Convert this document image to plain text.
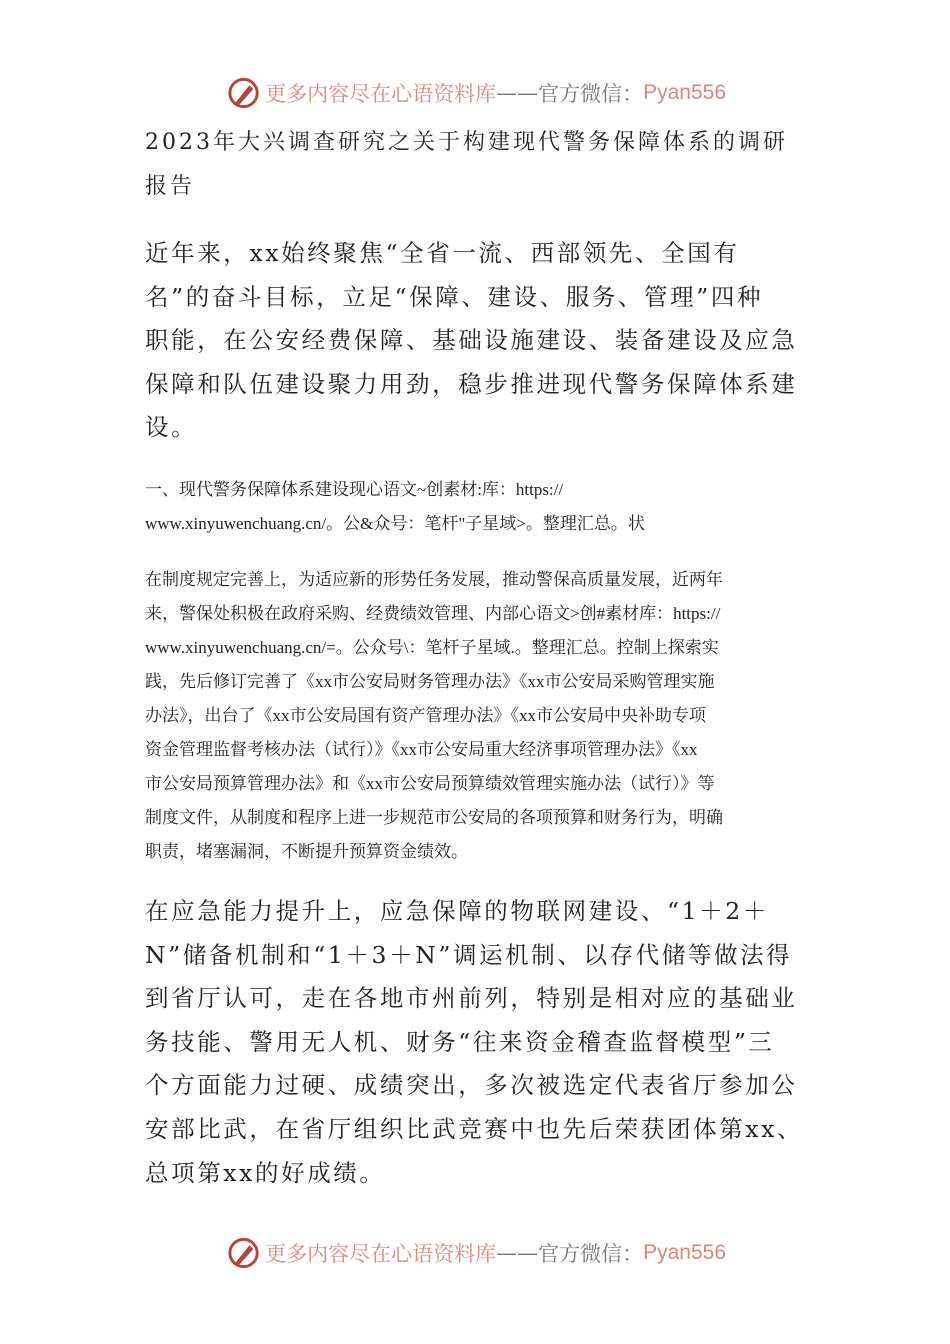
更多内容尽在心语资料库 —— 官方微信： Pyan556
2023年大兴调查研究之关于构建现代警务保障体系的调研
报告
近年来，xx始终聚焦“全省一流、西部领先、全国有
名”的奋斗目标，立足“保障、建设、服务、管理”四种
职能，在公安经费保障、基础设施建设、装备建设及应急
保障和队伍建设聚力用劲，稳步推进现代警务保障体系建
设。
一、现代警务保障体系建设现心语文~创素材:库：https://
www.xinyuwenchuang.cn/。公&众号：笔杆"子星域>。整理汇总。状
在制度规定完善上，为适应新的形势任务发展，推动警保高质量发展，近两年
来，警保处积极在政府采购、经费绩效管理、内部心语文>创#素材库：https://
www.xinyuwenchuang.cn/=。公众号\：笔杆子星域.。整理汇总。控制上探索实
践，先后修订完善了《xx市公安局财务管理办法》《xx市公安局采购管理实施
办法》，出台了《xx市公安局国有资产管理办法》《xx市公安局中央补助专项
资金管理监督考核办法（试行）》《xx市公安局重大经济事项管理办法》《xx
市公安局预算管理办法》和《xx市公安局预算绩效管理实施办法（试行）》等
制度文件，从制度和程序上进一步规范市公安局的各项预算和财务行为，明确
职责，堵塞漏洞，不断提升预算资金绩效。
在应急能力提升上，应急保障的物联网建设、“1＋2＋
N”储备机制和“1＋3＋N”调运机制、以存代储等做法得
到省厅认可，走在各地市州前列，特别是相对应的基础业
务技能、警用无人机、财务“往来资金稽查监督模型”三
个方面能力过硬、成绩突出，多次被选定代表省厅参加公
安部比武，在省厅组织比武竞赛中也先后荣获团体第xx、
总项第xx的好成绩。
更多内容尽在心语资料库 —— 官方微信： Pyan556
